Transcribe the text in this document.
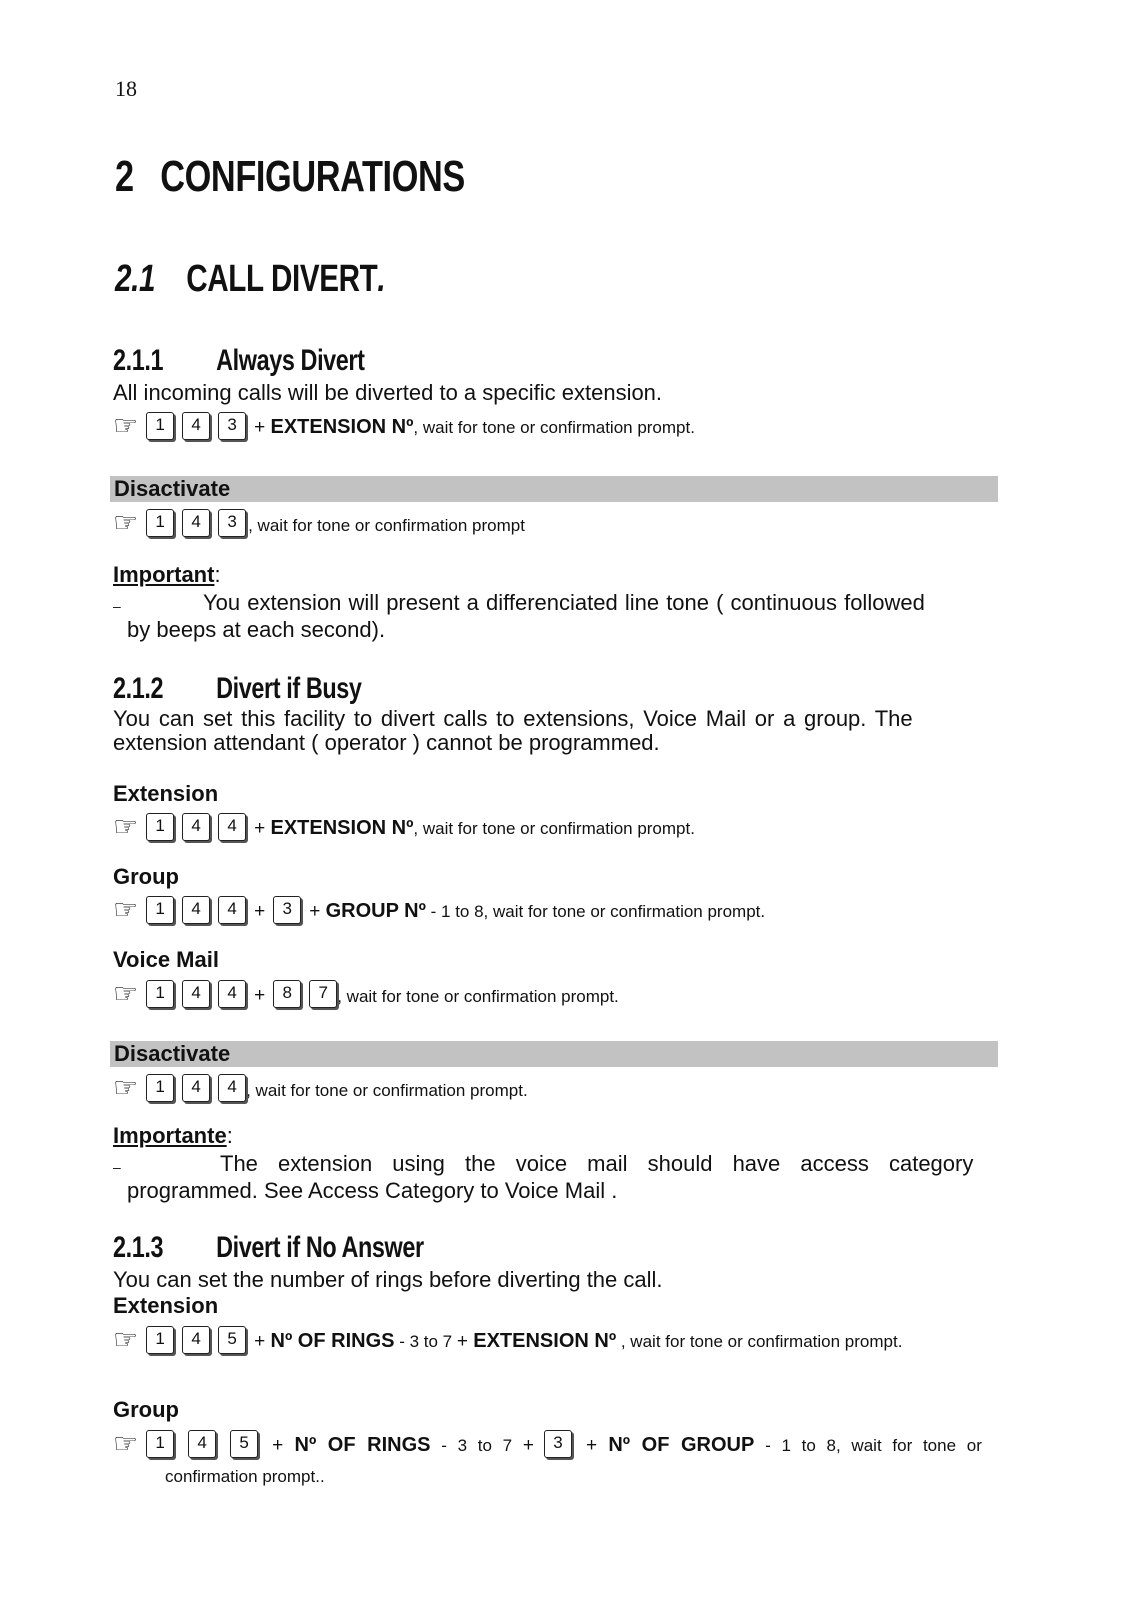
18
2 CONFIGURATIONS
2.1 CALL DIVERT.
2.1.1 Always Divert
All incoming calls will be diverted to a specific extension.
☞	1	4	3 + EXTENSION Nº, wait for tone or confirmation prompt.
Disactivate
☞	1	4	3 , wait for tone or confirmation prompt
Important:
–	You extension will present a differenciated line tone ( continuous followed
by beeps at each second).
2.1.2 Divert if Busy
You can set this facility to divert calls to extensions, Voice Mail or a group. The
extension attendant ( operator ) cannot be programmed.
Extension
☞	1	4	4 + EXTENSION Nº, wait for tone or confirmation prompt.
Group
☞	1	4	4 +	3 + GROUP Nº - 1 to 8, wait for tone or confirmation prompt.
Voice Mail
☞	1	4	4 +	8	7 , wait for tone or confirmation prompt.
Disactivate
☞	1	4	4 , wait for tone or confirmation prompt.
Importante:
–	The extension using the voice mail should have access category
programmed. See Access Category to Voice Mail .
2.1.3 Divert if No Answer
You can set the number of rings before diverting the call.
Extension
☞	1	4	5 + Nº OF RINGS - 3 to 7 + EXTENSION Nº , wait for tone or confirmation prompt.
Group
☞	1	4	5	+ Nº OF RINGS - 3 to 7 +	3	+ Nº OF GROUP - 1 to 8, wait for tone or
confirmation prompt..
